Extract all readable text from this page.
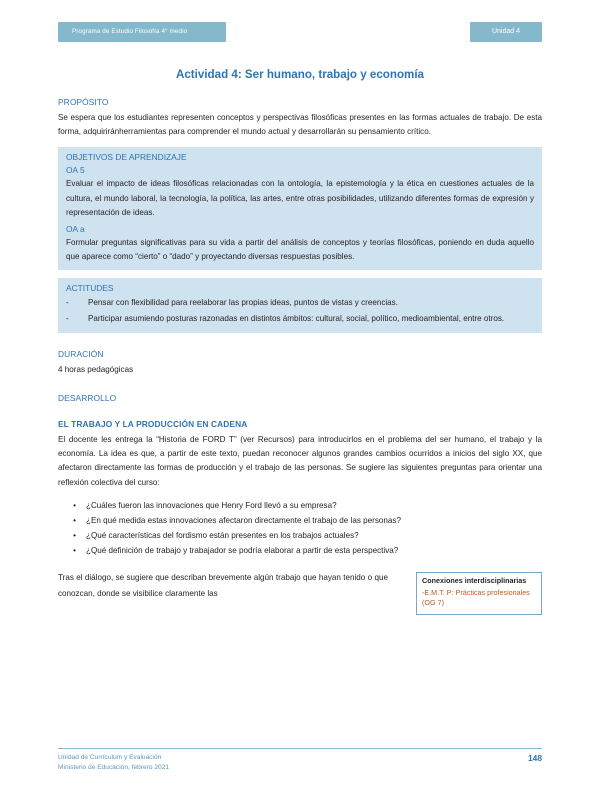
Programa de Estudio Filosofía 4° medio	Unidad 4
Actividad 4: Ser humano, trabajo y economía
PROPÓSITO

Se espera que los estudiantes representen conceptos y perspectivas filosóficas presentes en las formas actuales de trabajo. De esta forma, adquiriránherramientas para comprender el mundo actual y desarrollarán su pensamiento crítico.

OBJETIVOS DE APRENDIZAJE
OA 5

Evaluar el impacto de ideas filosóficas relacionadas con la ontología, la epistemología y la ética en cuestiones actuales de la cultura, el mundo laboral, la tecnología, la política, las artes, entre otras posibilidades, utilizando diferentes formas de expresión y representación de ideas.

OA a

Formular preguntas significativas para su vida a partir del análisis de conceptos y teorías filosóficas, poniendo en duda aquello que aparece como “cierto” o “dado” y proyectando diversas respuestas posibles.

ACTITUDES
-	Pensar con flexibilidad para reelaborar las propias ideas, puntos de vistas y creencias.
-	Participar asumiendo posturas razonadas en distintos ámbitos: cultural, social, político, medioambiental, entre otros.
DURACIÓN

4 horas pedagógicas

DESARROLLO
EL TRABAJO Y LA PRODUCCIÓN EN CADENA

El docente les entrega la “Historia de FORD T” (ver Recursos) para introducirlos en el problema del ser humano, el trabajo y la economía. La idea es que, a partir de este texto, puedan reconocer algunos grandes cambios ocurridos a inicios del siglo XX, que afectaron directamente las formas de producción y el trabajo de las personas. Se sugiere las siguientes preguntas para orientar una reflexión colectiva del curso:

•	¿Cuáles fueron las innovaciones que Henry Ford llevó a su empresa?
•	¿En qué medida estas innovaciones afectaron directamente el trabajo de las personas?
•	¿Qué características del fordismo están presentes en los trabajos actuales?
•	¿Qué definición de trabajo y trabajador se podría elaborar a partir de esta perspectiva?
Tras el diálogo, se sugiere que describan brevemente algún trabajo que hayan tenido o que conozcan, donde se visibilice claramente las
Conexiones interdisciplinarias
-E.M.T. P: Prácticas profesionales (OG 7)
Unidad de Currículum y Evaluación
Ministerio de Educación, febrero 2021
148
